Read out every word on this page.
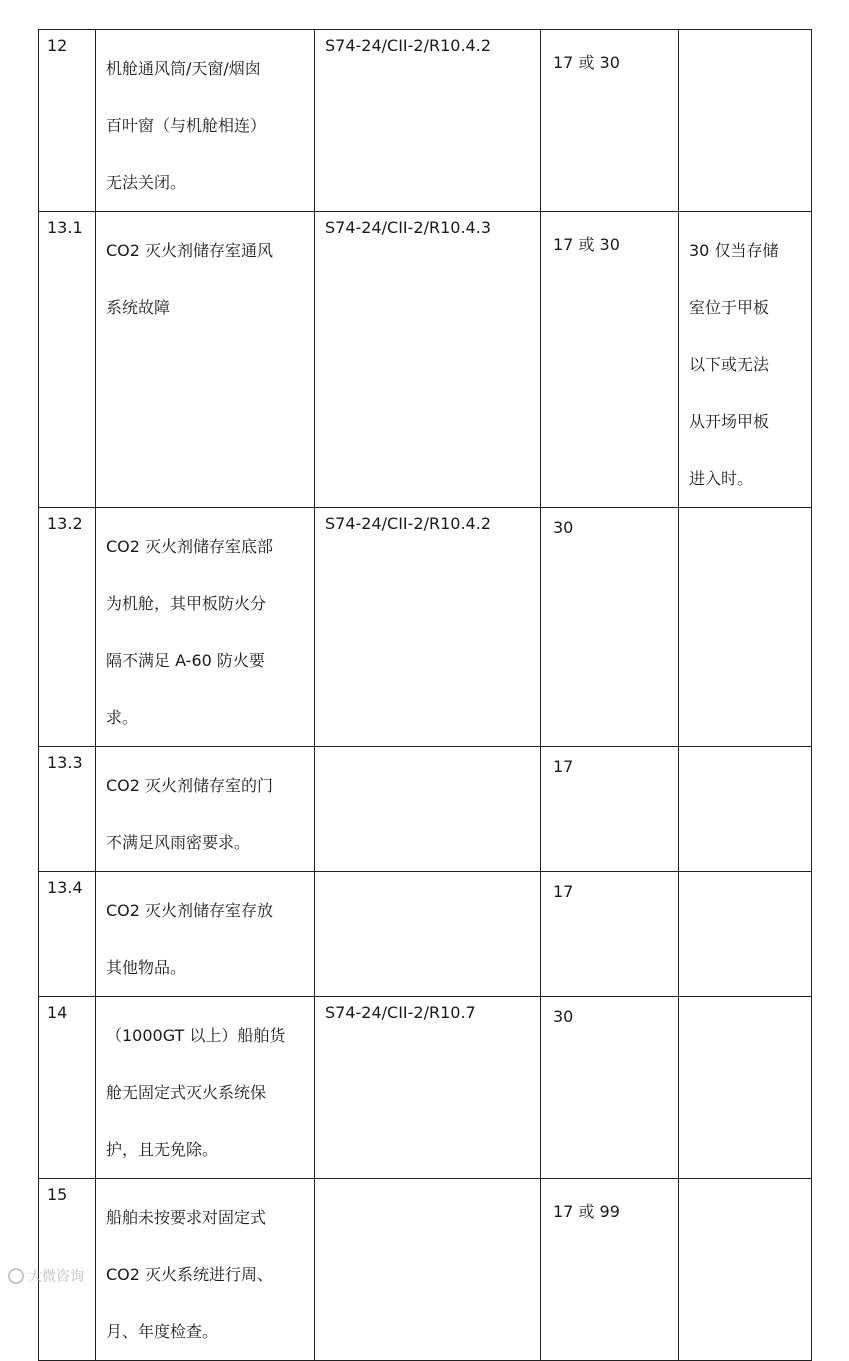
12	机舱通风筒/天窗/烟囱
百叶窗（与机舱相连）
无法关闭。	S74-24/CII-2/R10.4.2	17 或 30	
13.1	CO2 灭火剂储存室通风
系统故障	S74-24/CII-2/R10.4.3	17 或 30	30 仅当存储
室位于甲板
以下或无法
从开场甲板
进入时。

13.2	CO2 灭火剂储存室底部
为机舱，其甲板防火分
隔不满足 A-60 防火要
求。	S74-24/CII-2/R10.4.2	30	
13.3	CO2 灭火剂储存室的门
不满足风雨密要求。		17	
13.4	CO2 灭火剂储存室存放
其他物品。		17	
14	（1000GT 以上）船舶货
舱无固定式灭火系统保
护，且无免除。	S74-24/CII-2/R10.7	30	
15	船舶未按要求对固定式
CO2 灭火系统进行周、
月、年度检查。		17 或 99	
大微咨询
